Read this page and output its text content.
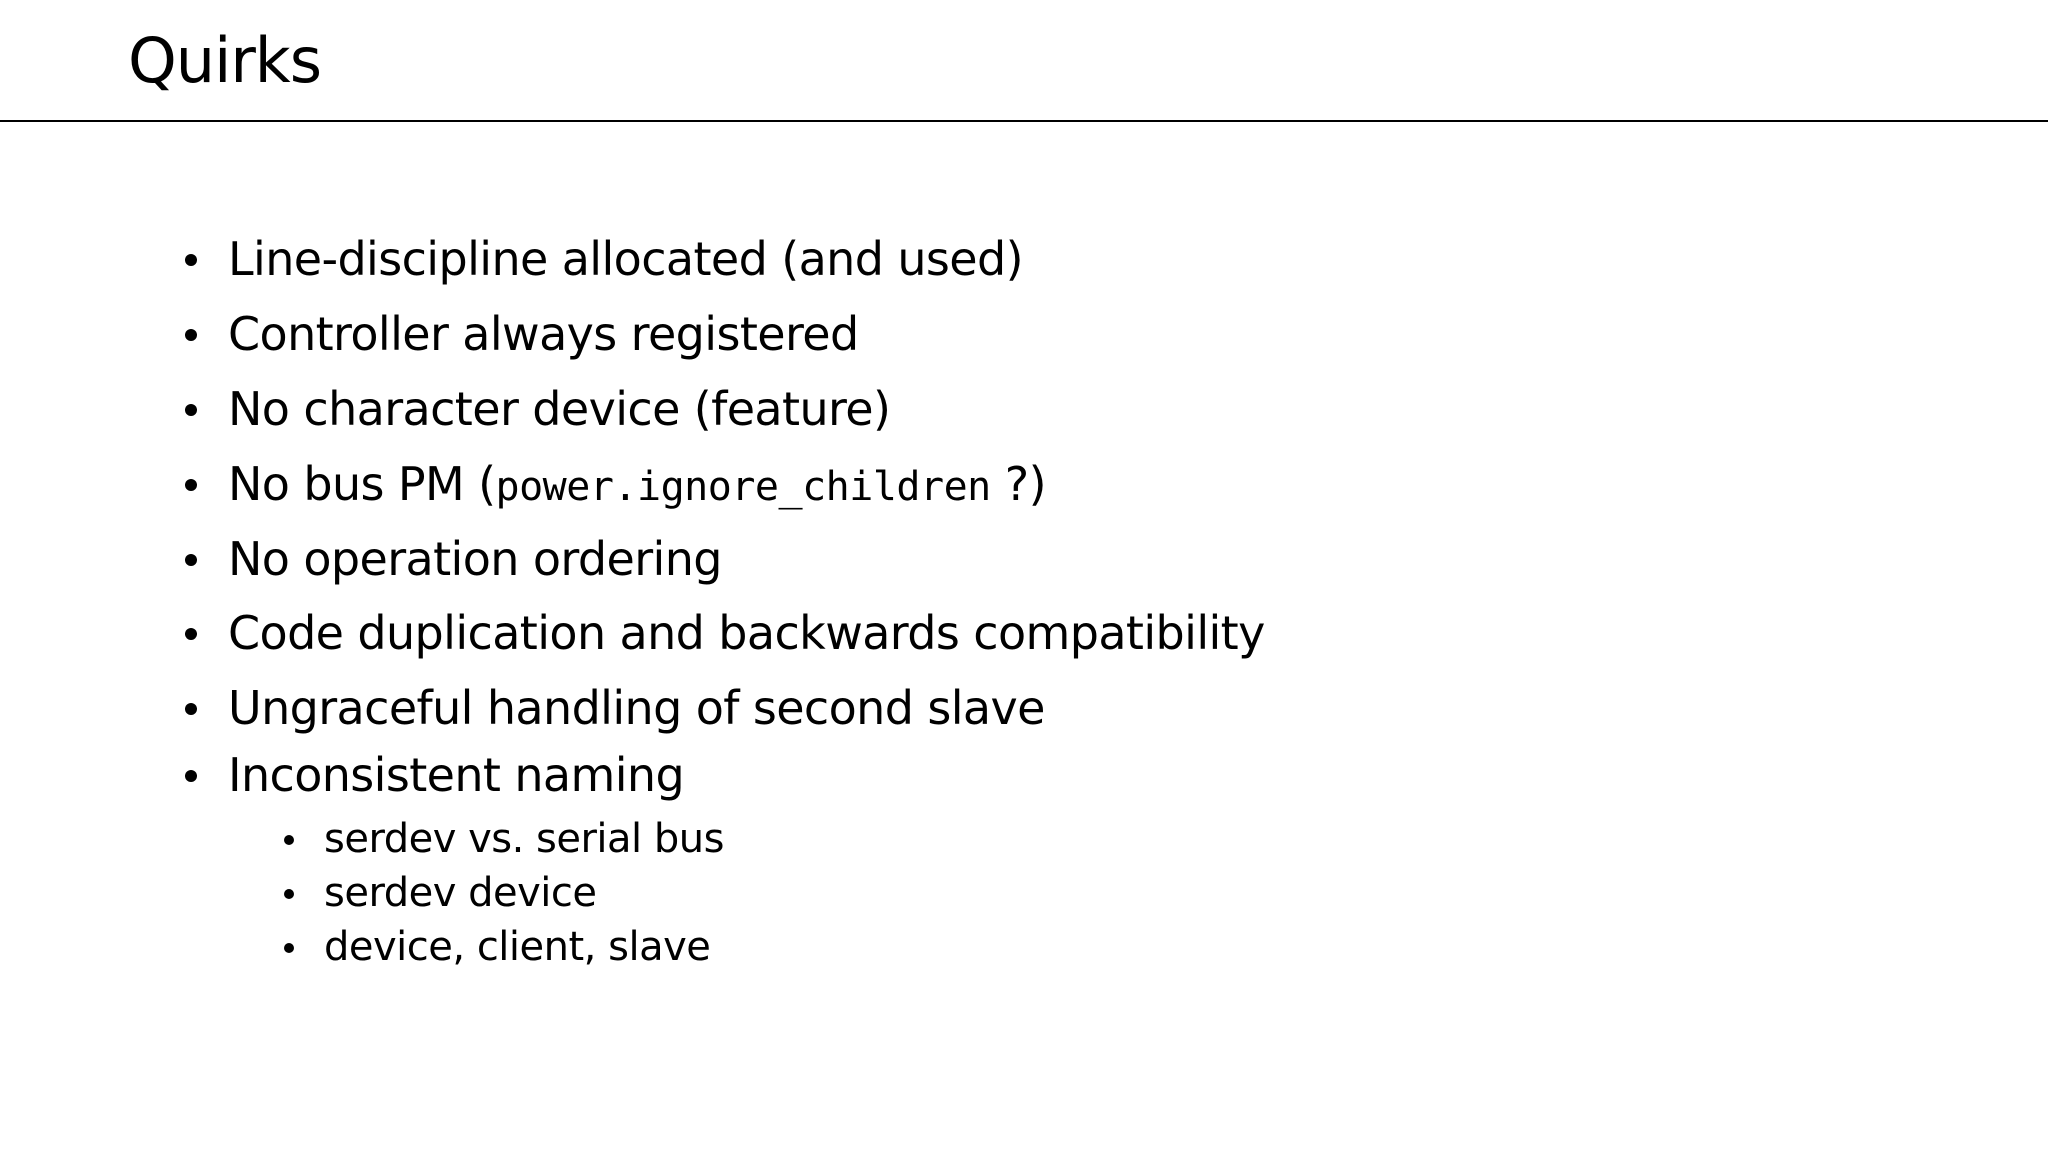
Quirks
Line-discipline allocated (and used)
Controller always registered
No character device (feature)
No bus PM (power.ignore_children ?)
No operation ordering
Code duplication and backwards compatibility
Ungraceful handling of second slave
Inconsistent naming
serdev vs. serial bus
serdev device
device, client, slave
